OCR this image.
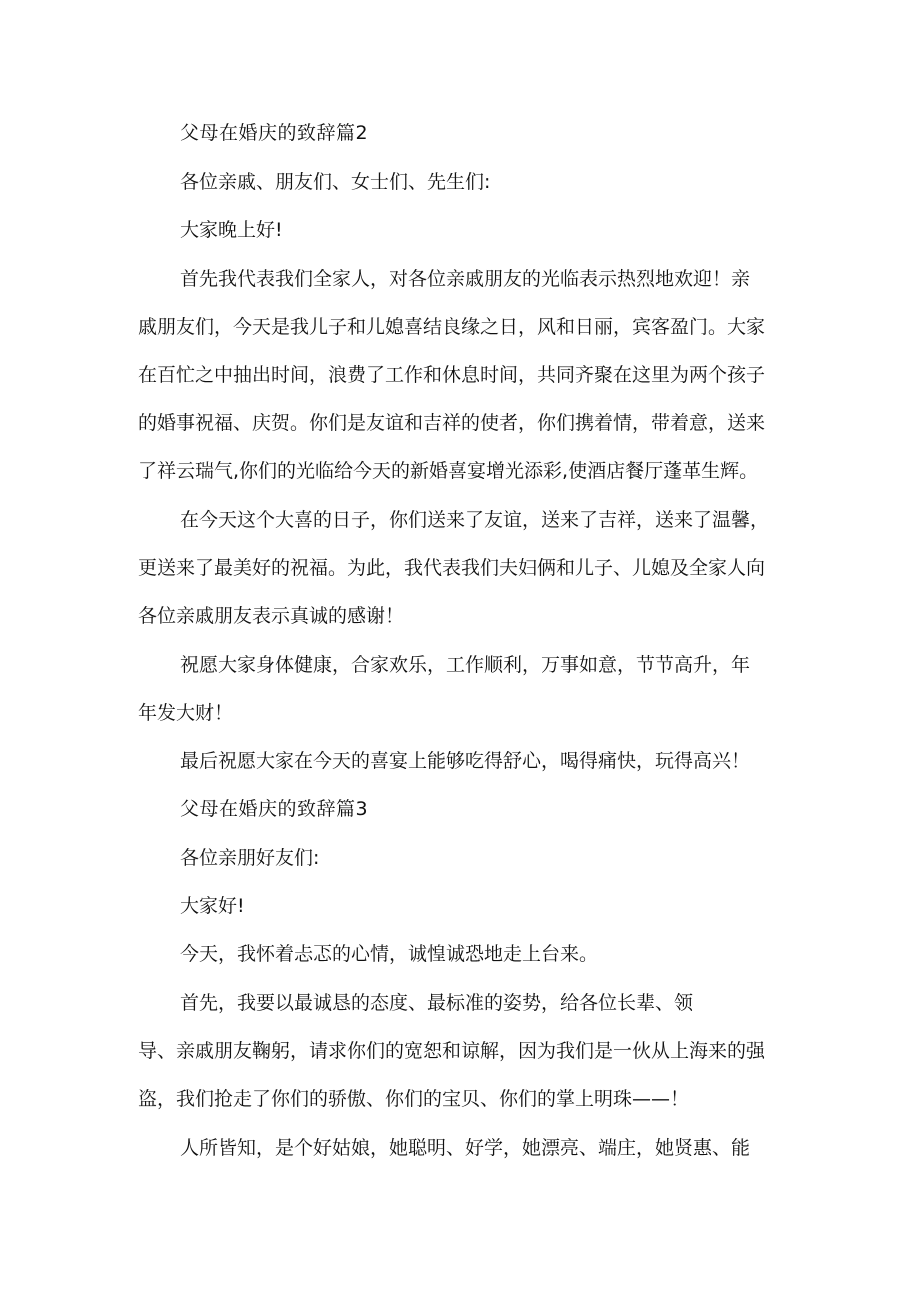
父母在婚庆的致辞篇2
各位亲戚、朋友们、女士们、先生们:
大家晚上好!
首先我代表我们全家人，对各位亲戚朋友的光临表示热烈地欢迎！亲
戚朋友们，今天是我儿子和儿媳喜结良缘之日，风和日丽，宾客盈门。大家
在百忙之中抽出时间，浪费了工作和休息时间，共同齐聚在这里为两个孩子
的婚事祝福、庆贺。你们是友谊和吉祥的使者，你们携着情，带着意，送来
了祥云瑞气,你们的光临给今天的新婚喜宴增光添彩,使酒店餐厅蓬革生辉。
在今天这个大喜的日子，你们送来了友谊，送来了吉祥，送来了温馨，
更送来了最美好的祝福。为此，我代表我们夫妇俩和儿子、儿媳及全家人向
各位亲戚朋友表示真诚的感谢！
祝愿大家身体健康，合家欢乐，工作顺利，万事如意，节节高升，年
年发大财！
最后祝愿大家在今天的喜宴上能够吃得舒心，喝得痛快，玩得高兴！
父母在婚庆的致辞篇3
各位亲朋好友们:
大家好!
今天，我怀着忐忑的心情，诚惶诚恐地走上台来。
首先，我要以最诚恳的态度、最标准的姿势，给各位长辈、领
导、亲戚朋友鞠躬，请求你们的宽恕和谅解，因为我们是一伙从上海来的强
盗，我们抢走了你们的骄傲、你们的宝贝、你们的掌上明珠——！
人所皆知，是个好姑娘，她聪明、好学，她漂亮、端庄，她贤惠、能
